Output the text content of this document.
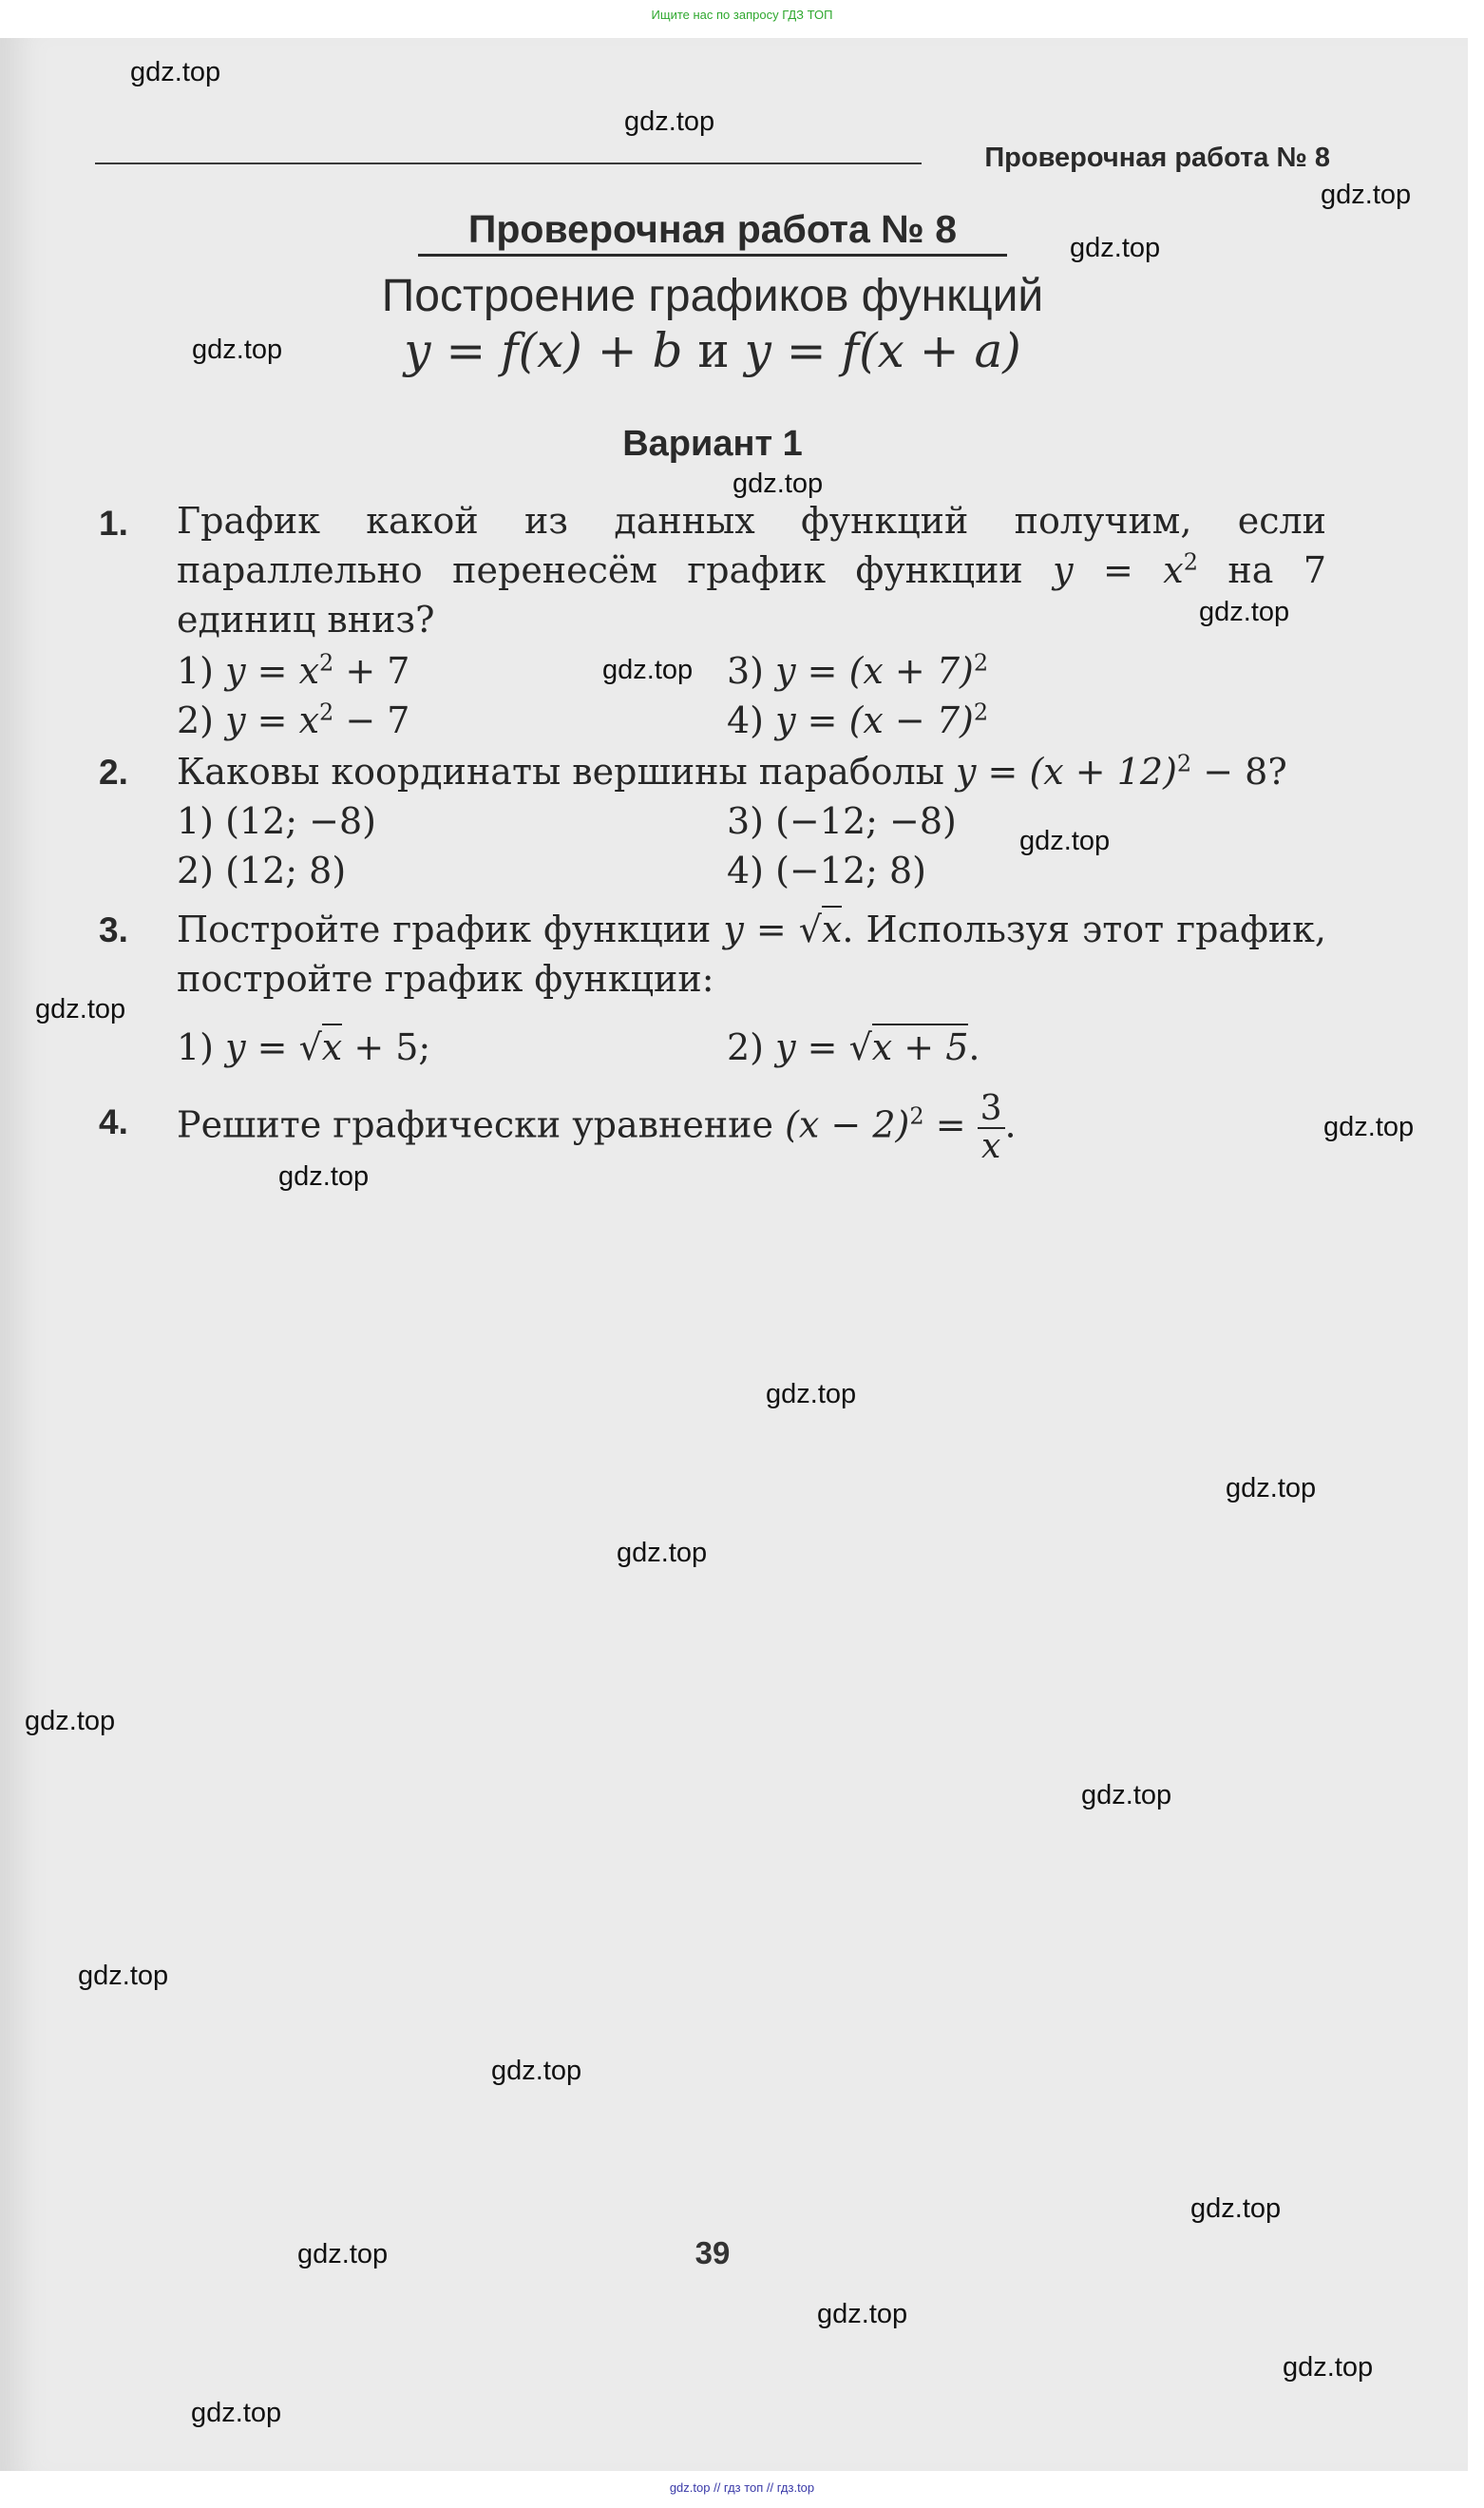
Ищите нас по запросу ГДЗ ТОП
Проверочная работа № 8
Проверочная работа № 8
Построение графиков функций
y = f(x) + b и y = f(x + a)
Вариант 1
1.	График какой из данных функций получим, если параллельно перенесём график функции $y = x^2$ на 7 единиц вниз?
1) $y = x^2 + 7$
2) $y = x^2 - 7$
3) $y = (x + 7)^2$
4) $y = (x - 7)^2$
2.	Каковы координаты вершины параболы $y = (x + 12)^2 - 8$?
1) (12; −8)
2) (12; 8)
3) (−12; −8)
4) (−12; 8)
3.	Постройте график функции y = √x. Используя этот график, постройте график функции:
1) y = √x + 5;	2) y = √x + 5.
4.	Решите графически уравнение $(x - 2)^2 = \frac{3}{x}$ .
39
gdz.top
gdz.top
gdz.top
gdz.top
gdz.top
gdz.top
gdz.top
gdz.top
gdz.top
gdz.top
gdz.top
gdz.top
gdz.top
gdz.top
gdz.top
gdz.top
gdz.top
gdz.top
gdz.top
gdz.top
gdz.top
gdz.top
gdz.top
gdz.top
gdz.top // гдз топ // гдз.top
